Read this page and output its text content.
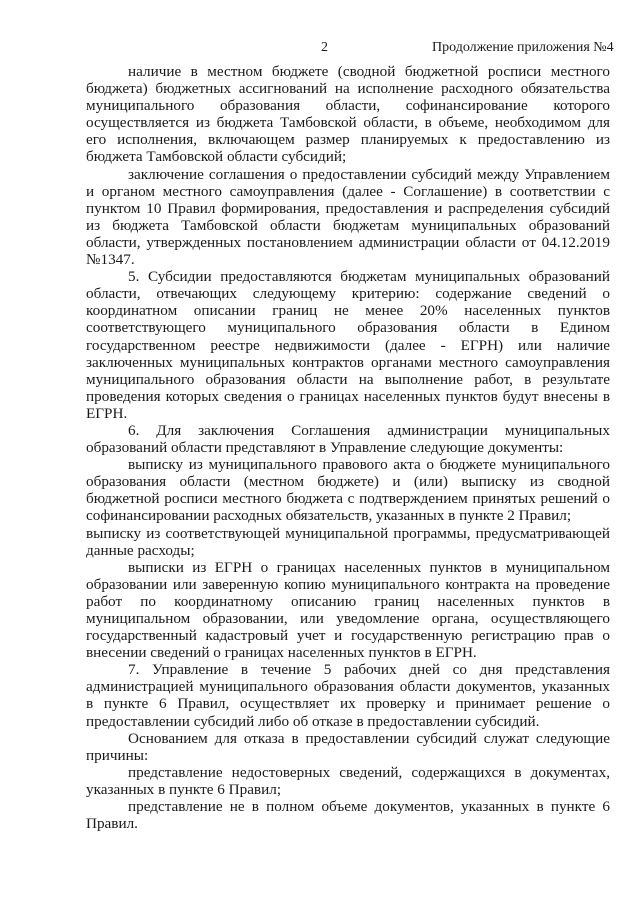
2	Продолжение приложения №4

наличие в местном бюджете (сводной бюджетной росписи местного бюджета) бюджетных ассигнований на исполнение расходного обязательства муниципального образования области, софинансирование которого осуществляется из бюджета Тамбовской области, в объеме, необходимом для его исполнения, включающем размер планируемых к предоставлению из бюджета Тамбовской области субсидий;

заключение соглашения о предоставлении субсидий между Управлением и органом местного самоуправления (далее - Соглашение) в соответствии с пунктом 10 Правил формирования, предоставления и распределения субсидий из бюджета Тамбовской области бюджетам муниципальных образований области, утвержденных постановлением администрации области от 04.12.2019 №1347.

5. Субсидии предоставляются бюджетам муниципальных образований области, отвечающих следующему критерию: содержание сведений о координатном описании границ не менее 20% населенных пунктов соответствующего муниципального образования области в Едином государственном реестре недвижимости (далее - ЕГРН) или наличие заключенных муниципальных контрактов органами местного самоуправления муниципального образования области на выполнение работ, в результате проведения которых сведения о границах населенных пунктов будут внесены в ЕГРН.

6. Для заключения Соглашения администрации муниципальных образований области представляют в Управление следующие документы:

выписку из муниципального правового акта о бюджете муниципального образования области (местном бюджете) и (или) выписку из сводной бюджетной росписи местного бюджета с подтверждением принятых решений о софинансировании расходных обязательств, указанных в пункте 2 Правил;

выписку из соответствующей муниципальной программы, предусматривающей данные расходы;

выписки из ЕГРН о границах населенных пунктов в муниципальном образовании или заверенную копию муниципального контракта на проведение работ по координатному описанию границ населенных пунктов в муниципальном образовании, или уведомление органа, осуществляющего государственный кадастровый учет и государственную регистрацию прав о внесении сведений о границах населенных пунктов в ЕГРН.

7. Управление в течение 5 рабочих дней со дня представления администрацией муниципального образования области документов, указанных в пункте 6 Правил, осуществляет их проверку и принимает решение о предоставлении субсидий либо об отказе в предоставлении субсидий.

Основанием для отказа в предоставлении субсидий служат следующие причины:

представление недостоверных сведений, содержащихся в документах, указанных в пункте 6 Правил;

представление не в полном объеме документов, указанных в пункте 6 Правил.
